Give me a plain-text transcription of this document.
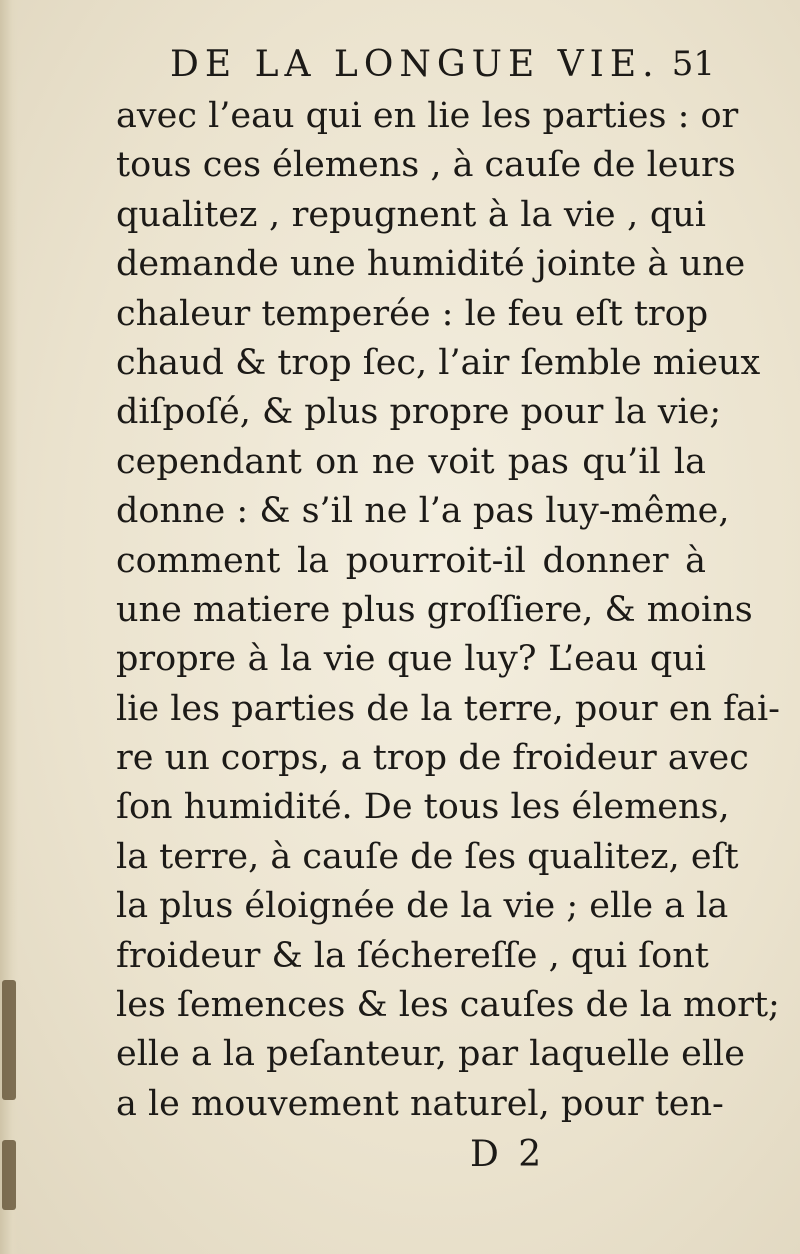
DE LA LONGUE VIE. 51
avec l’eau qui en lie les parties : or
tous ces élemens , à cauſe de leurs
qualitez , repugnent à la vie , qui
demande une humidité jointe à une
chaleur temperée : le feu eſt trop
chaud & trop ſec, l’air ſemble mieux
diſpoſé, & plus propre pour la vie;
cependant on ne voit pas qu’il la
donne : & s’il ne l’a pas luy-même,
comment la pourroit-il donner à
une matiere plus groſſiere, & moins
propre à la vie que luy? L’eau qui
lie les parties de la terre, pour en fai-
re un corps, a trop de froideur avec
ſon humidité. De tous les élemens,
la terre, à cauſe de ſes qualitez, eſt
la plus éloignée de la vie ; elle a la
froideur & la ſéchereſſe , qui ſont
les ſemences & les cauſes de la mort;
elle a la peſanteur, par laquelle elle
a le mouvement naturel, pour ten-
D 2
